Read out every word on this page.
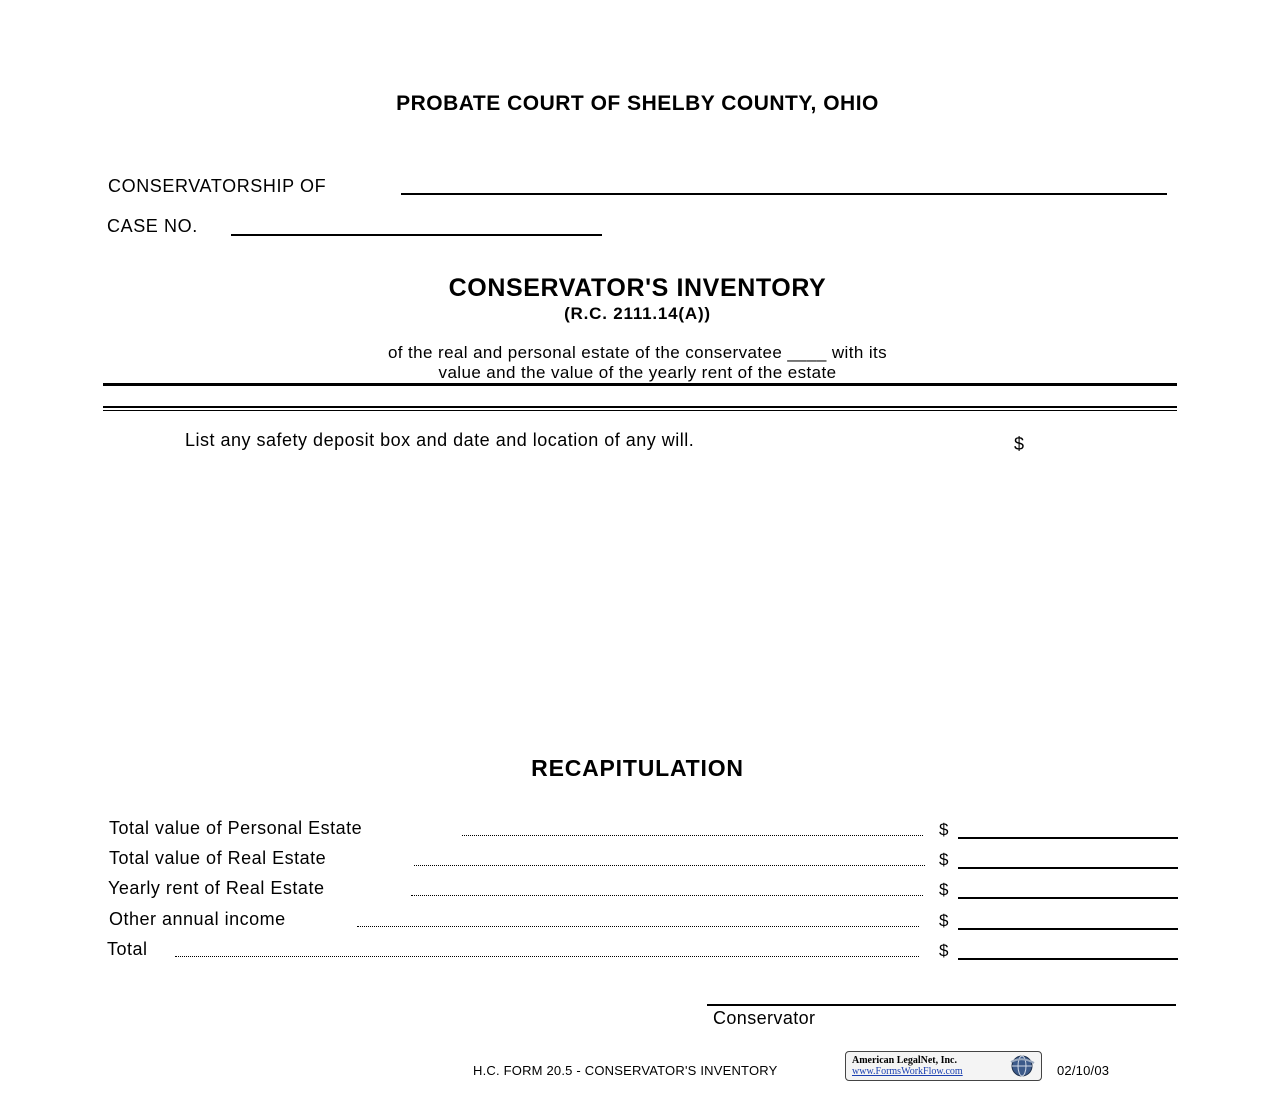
PROBATE COURT OF SHELBY COUNTY, OHIO
CONSERVATORSHIP OF
CASE NO.
CONSERVATOR'S INVENTORY
(R.C. 2111.14(A))
of the real and personal estate of the conservatee ____ with its
value and the value of the yearly rent of the estate
List any safety deposit box and date and location of any will.	$
RECAPITULATION
Total value of Personal Estate	$
Total value of Real Estate	$
Yearly rent of Real Estate	$
Other annual income	$
Total	$
Conservator
H.C. FORM 20.5 - CONSERVATOR'S INVENTORY
American LegalNet, Inc.
www.FormsWorkFlow.com	02/10/03
